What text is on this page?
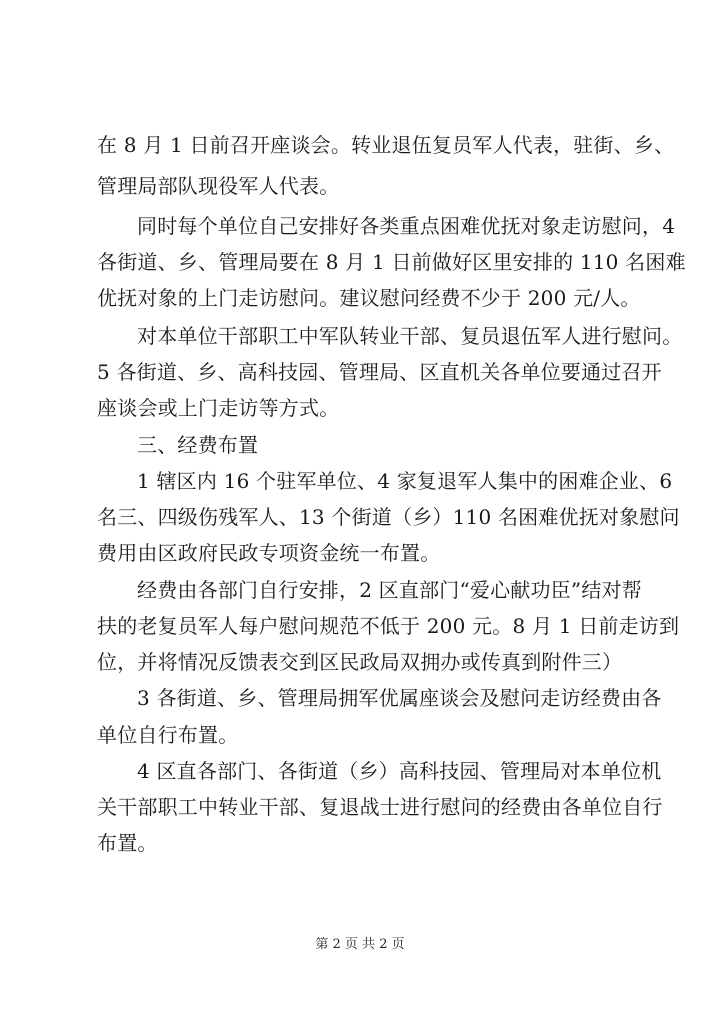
在 8 月 1 日前召开座谈会。转业退伍复员军人代表，驻街、乡、
管理局部队现役军人代表。
同时每个单位自己安排好各类重点困难优抚对象走访慰问，4
各街道、乡、管理局要在 8 月 1 日前做好区里安排的 110 名困难
优抚对象的上门走访慰问。建议慰问经费不少于 200 元/人。
对本单位干部职工中军队转业干部、复员退伍军人进行慰问。
5 各街道、乡、高科技园、管理局、区直机关各单位要通过召开
座谈会或上门走访等方式。
三、经费布置
1 辖区内 16 个驻军单位、4 家复退军人集中的困难企业、6
名三、四级伤残军人、13 个街道（乡）110 名困难优抚对象慰问
费用由区政府民政专项资金统一布置。
经费由各部门自行安排，2 区直部门“爱心献功臣”结对帮
扶的老复员军人每户慰问规范不低于 200 元。8 月 1 日前走访到
位，并将情况反馈表交到区民政局双拥办或传真到附件三）
3 各街道、乡、管理局拥军优属座谈会及慰问走访经费由各
单位自行布置。
4 区直各部门、各街道（乡）高科技园、管理局对本单位机
关干部职工中转业干部、复退战士进行慰问的经费由各单位自行
布置。
第 2 页 共 2 页
